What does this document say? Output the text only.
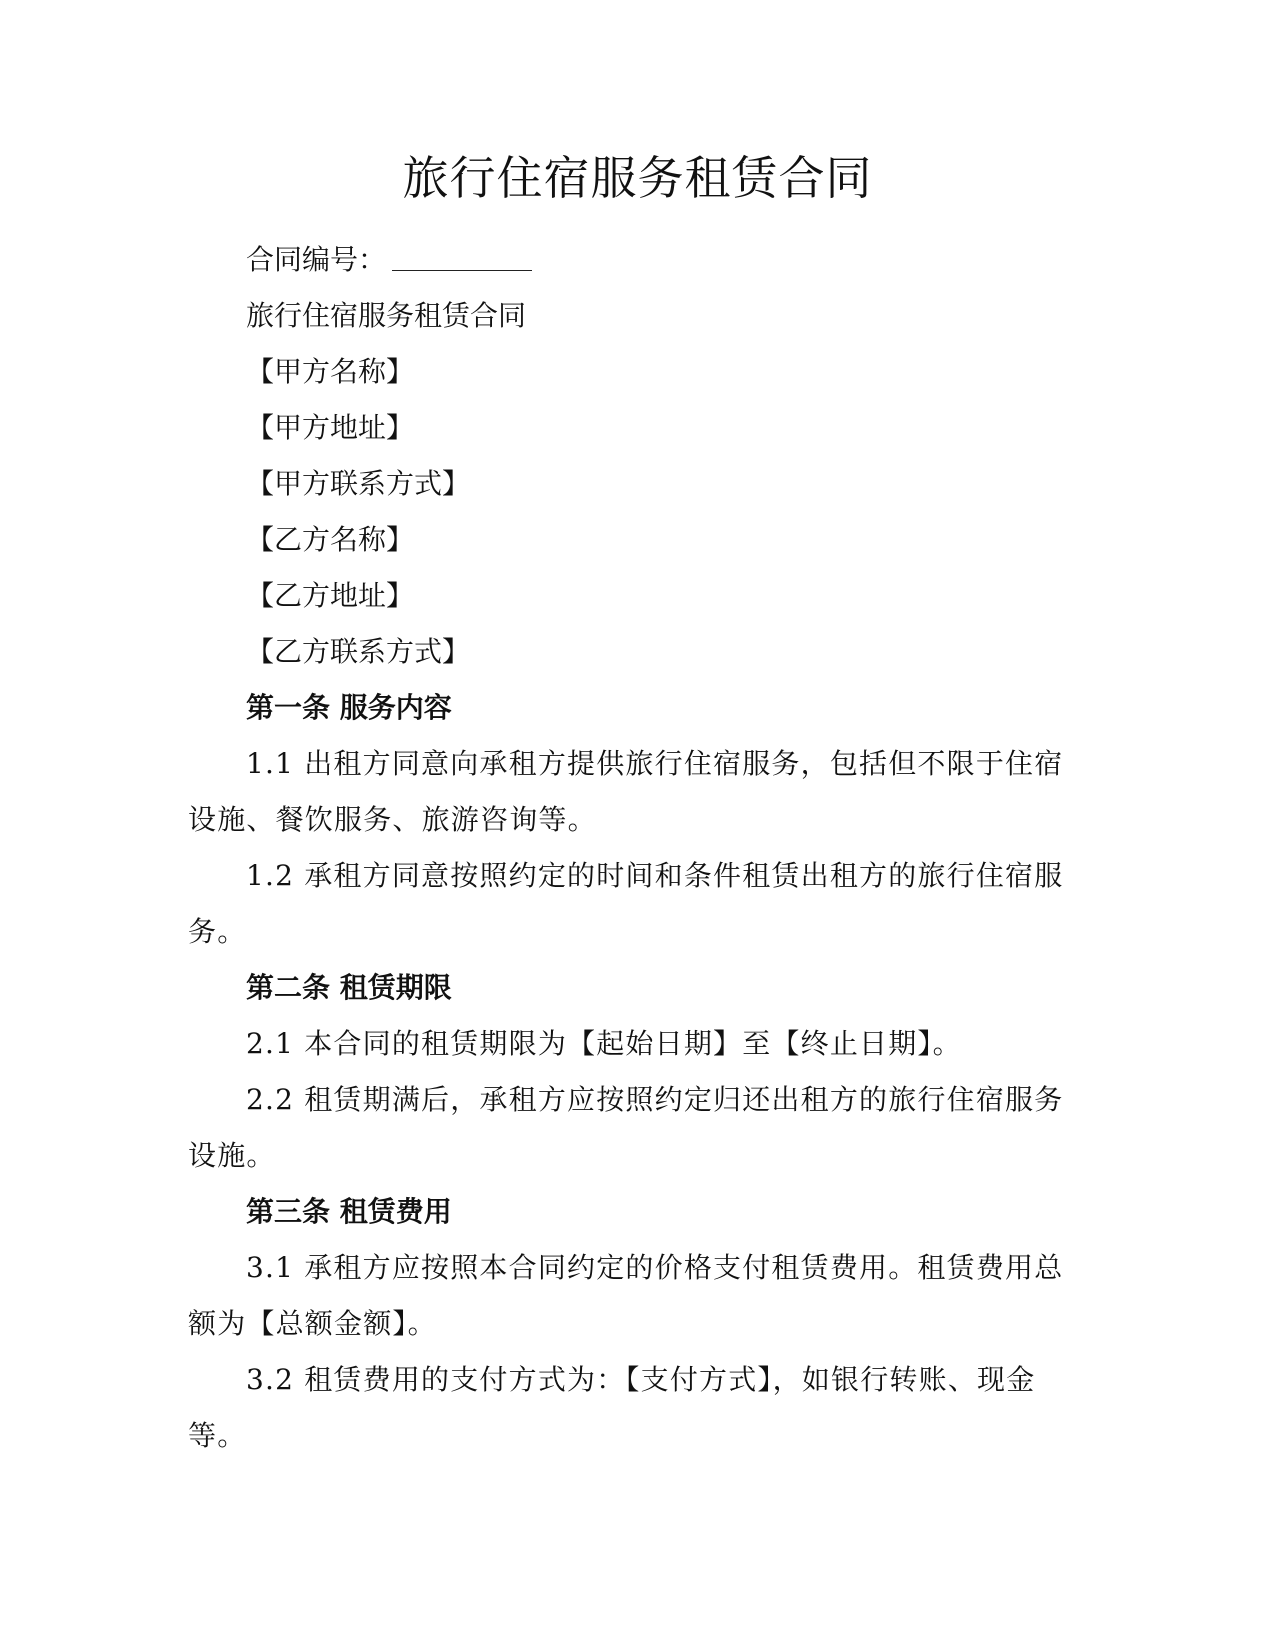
旅行住宿服务租赁合同

合同编号：

旅行住宿服务租赁合同

【甲方名称】

【甲方地址】

【甲方联系方式】

【乙方名称】

【乙方地址】

【乙方联系方式】

第一条 服务内容

1.1 出租方同意向承租方提供旅行住宿服务，包括但不限于住宿设施、餐饮服务、旅游咨询等。

1.2 承租方同意按照约定的时间和条件租赁出租方的旅行住宿服务。

第二条 租赁期限

2.1 本合同的租赁期限为【起始日期】至【终止日期】。

2.2 租赁期满后，承租方应按照约定归还出租方的旅行住宿服务设施。

第三条 租赁费用

3.1 承租方应按照本合同约定的价格支付租赁费用。租赁费用总额为【总额金额】。

3.2 租赁费用的支付方式为：【支付方式】，如银行转账、现金等。
